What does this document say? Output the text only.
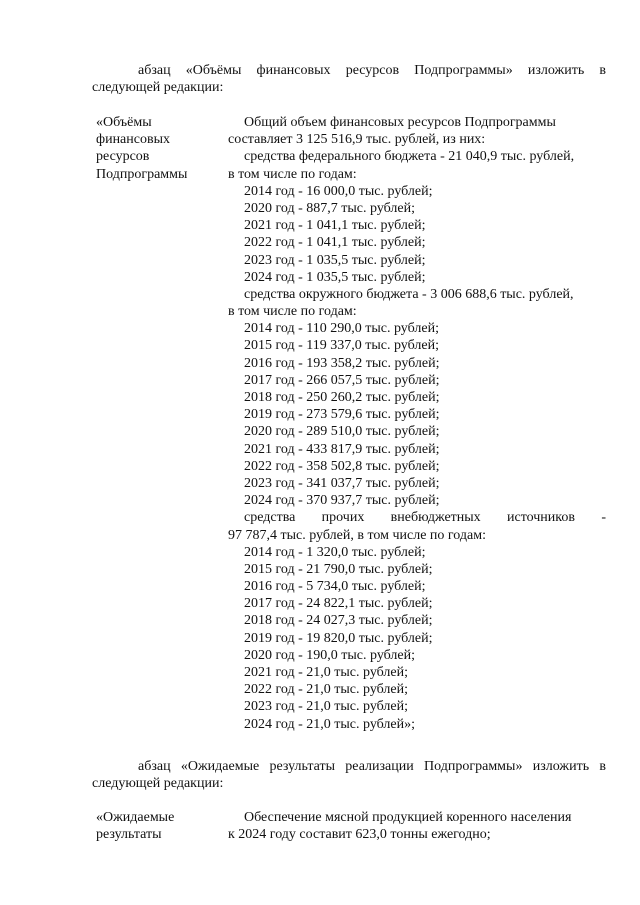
абзац «Объёмы финансовых ресурсов Подпрограммы» изложить в
следующей редакции:
«Объёмы
финансовых
ресурсов
Подпрограммы
Общий объем финансовых ресурсов Подпрограммы
составляет 3 125 516,9 тыс. рублей, из них:
средства федерального бюджета - 21 040,9 тыс. рублей,
в том числе по годам:
2014 год - 16 000,0 тыс. рублей;
2020 год - 887,7 тыс. рублей;
2021 год - 1 041,1 тыс. рублей;
2022 год - 1 041,1 тыс. рублей;
2023 год - 1 035,5 тыс. рублей;
2024 год - 1 035,5 тыс. рублей;
средства окружного бюджета - 3 006 688,6 тыс. рублей,
в том числе по годам:
2014 год - 110 290,0 тыс. рублей;
2015 год - 119 337,0 тыс. рублей;
2016 год - 193 358,2 тыс. рублей;
2017 год - 266 057,5 тыс. рублей;
2018 год - 250 260,2 тыс. рублей;
2019 год - 273 579,6 тыс. рублей;
2020 год - 289 510,0 тыс. рублей;
2021 год - 433 817,9 тыс. рублей;
2022 год - 358 502,8 тыс. рублей;
2023 год - 341 037,7 тыс. рублей;
2024 год - 370 937,7 тыс. рублей;
средства прочих внебюджетных источников -
97 787,4 тыс. рублей, в том числе по годам:
2014 год - 1 320,0 тыс. рублей;
2015 год - 21 790,0 тыс. рублей;
2016 год - 5 734,0 тыс. рублей;
2017 год - 24 822,1 тыс. рублей;
2018 год - 24 027,3 тыс. рублей;
2019 год - 19 820,0 тыс. рублей;
2020 год - 190,0 тыс. рублей;
2021 год - 21,0 тыс. рублей;
2022 год - 21,0 тыс. рублей;
2023 год - 21,0 тыс. рублей;
2024 год - 21,0 тыс. рублей»;
абзац «Ожидаемые результаты реализации Подпрограммы» изложить в
следующей редакции:
«Ожидаемые
результаты
Обеспечение мясной продукцией коренного населения
к 2024 году составит 623,0 тонны ежегодно;
